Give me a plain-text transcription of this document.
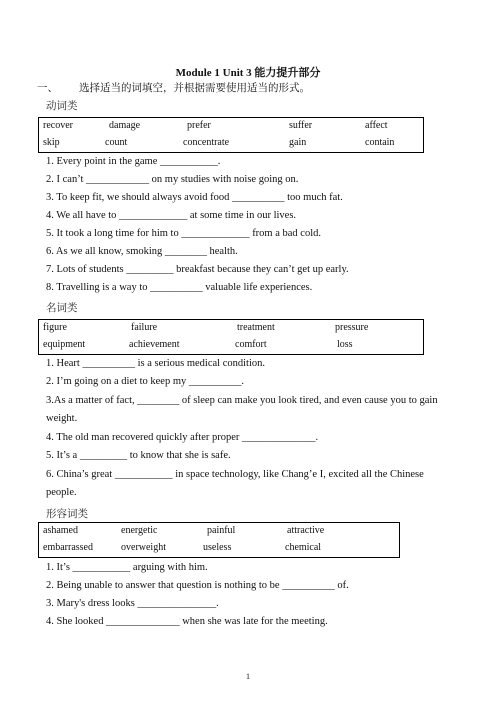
Module 1 Unit 3 能力提升部分
一、 选择适当的词填空，并根据需要使用适当的形式。
动词类
recover	damage	prefer	suffer	affect
skip	count	concentrate	gain	contain
1. Every point in the game ___________.
2. I can’t ____________ on my studies with noise going on.
3. To keep fit, we should always avoid food __________ too much fat.
4. We all have to _____________ at some time in our lives.
5. It took a long time for him to _____________ from a bad cold.
6. As we all know, smoking ________ health.
7. Lots of students _________ breakfast because they can’t get up early.
8. Travelling is a way to __________ valuable life experiences.
名词类
figure	failure	treatment	pressure
equipment	achievement	comfort	loss
1. Heart __________ is a serious medical condition.
2. I’m going on a diet to keep my __________.
3.As a matter of fact, ________ of sleep can make you look tired, and even cause you to gain weight.
4. The old man recovered quickly after proper ______________.
5. It’s a _________ to know that she is safe.
6. China’s great ___________ in space technology, like Chang’e I, excited all the Chinese people.
形容词类
ashamed	energetic	painful	attractive
embarrassed	overweight	useless	chemical
1. It’s ___________ arguing with him.
2. Being unable to answer that question is nothing to be __________ of.
3. Mary's dress looks _______________.
4. She looked ______________ when she was late for the meeting.
1
